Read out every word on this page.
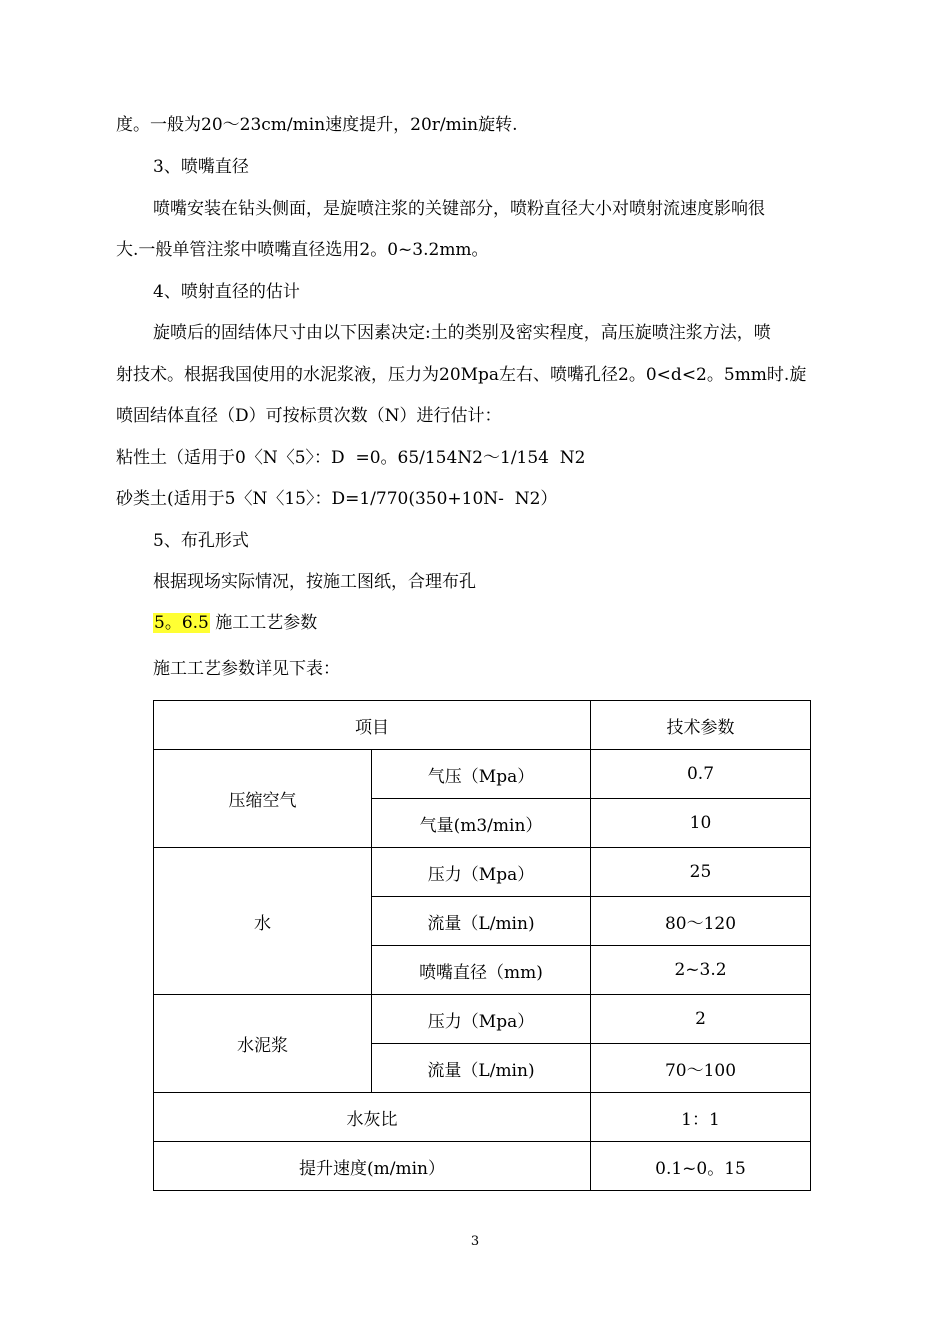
度。一般为20～23cm/min速度提升，20r/min旋转.
3、喷嘴直径
喷嘴安装在钻头侧面，是旋喷注浆的关键部分，喷粉直径大小对喷射流速度影响很
大.一般单管注浆中喷嘴直径选用2。0~3.2mm。
4、喷射直径的估计
旋喷后的固结体尺寸由以下因素决定:土的类别及密实程度，高压旋喷注浆方法，喷
射技术。根据我国使用的水泥浆液，压力为20Mpa左右、喷嘴孔径2。0<d<2。5mm时.旋
喷固结体直径（D）可按标贯次数（N）进行估计：
粘性土（适用于0〈N〈5〉：D  =0。65/154N2～1/154  N2
砂类土(适用于5〈N〈15〉：D=1/770(350+10N-  N2）
5、布孔形式
根据现场实际情况，按施工图纸，合理布孔
5。6.5 施工工艺参数
施工工艺参数详见下表：
项目		技术参数
压缩空气	气压（Mpa）	0.7
	气量(m3/min）	10
水	压力（Mpa）	25
	流量（L/min)	80～120
	喷嘴直径（mm)	2~3.2
水泥浆	压力（Mpa）	2
	流量（L/min)	70～100
水灰比		1：1
提升速度(m/min）		0.1~0。15
3
